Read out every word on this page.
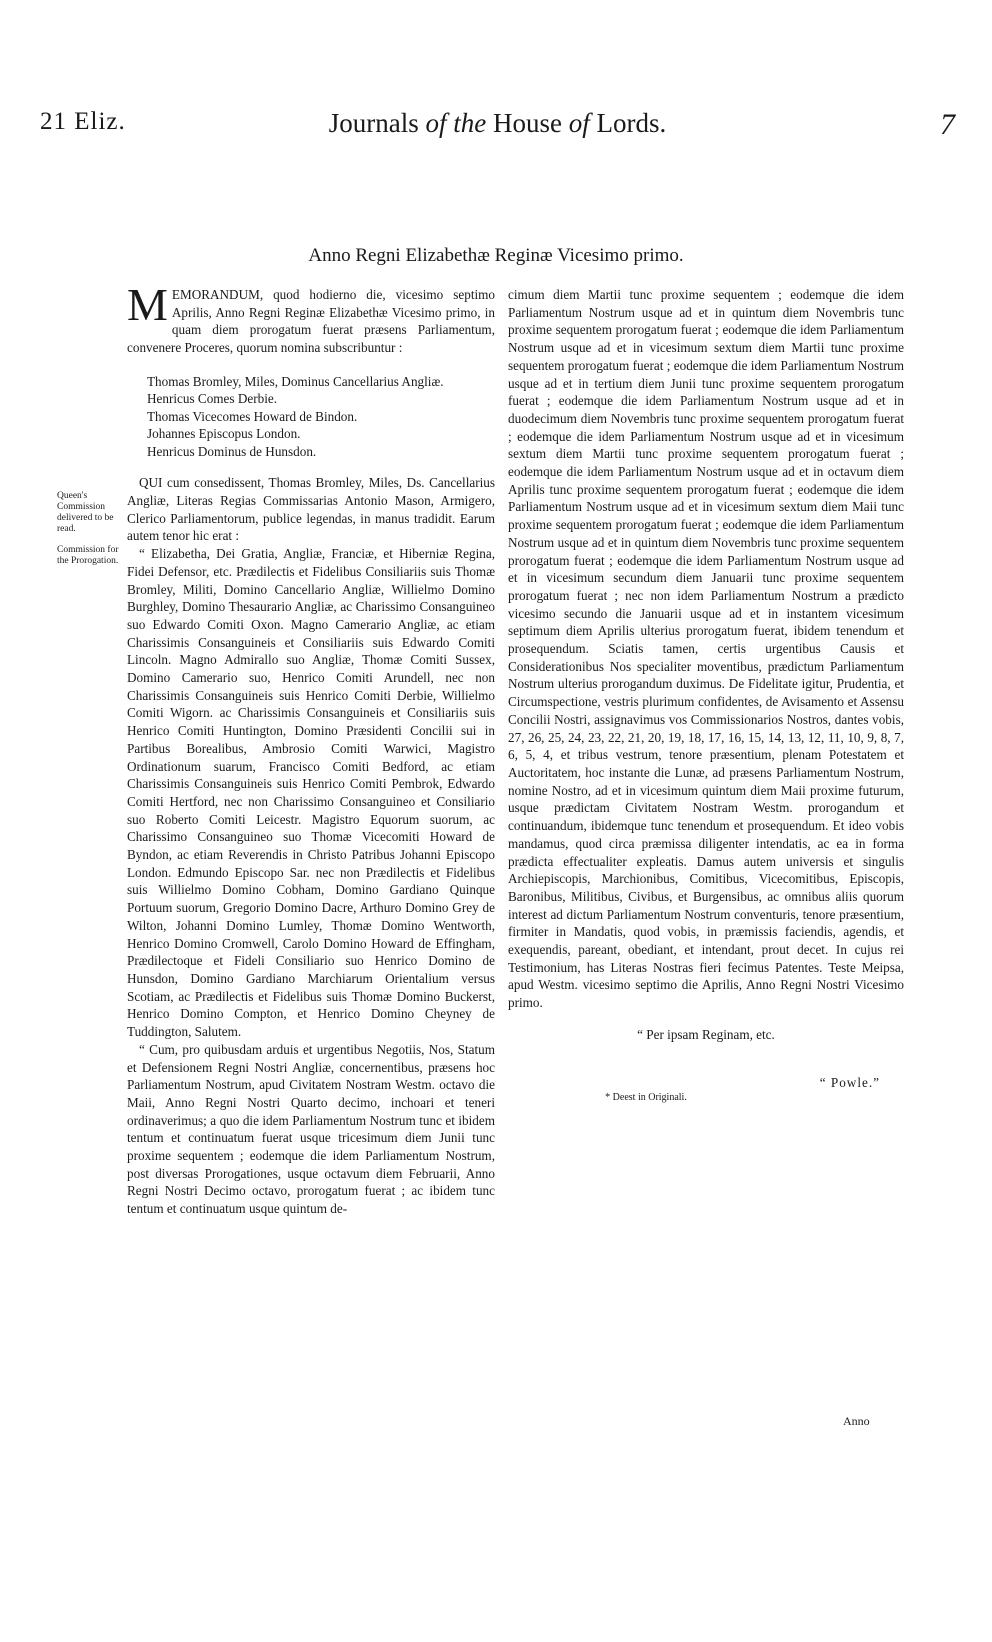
21 Eliz.	Journals of the House of Lords.	7
Anno Regni Elizabethæ Reginæ Vicesimo primo.
Queen's Commission delivered to be read.
Commission for the Prorogation.

MEMORANDUM, quod hodierno die, vicesimo septimo Aprilis, Anno Regni Reginæ Elizabethæ Vicesimo primo, in quam diem prorogatum fuerat præsens Parliamentum, convenere Proceres, quorum nomina subscribuntur :

Thomas Bromley, Miles, Dominus Cancellarius Angliæ.
Henricus Comes Derbie.
Thomas Vicecomes Howard de Bindon.
Johannes Episcopus London.
Henricus Dominus de Hunsdon.

QUI cum consedissent, Thomas Bromley, Miles, Ds. Cancellarius Angliæ, Literas Regias Commissarias Antonio Mason, Armigero, Clerico Parliamentorum, publice legendas, in manus tradidit. Earum autem tenor hic erat :

“ Elizabetha, Dei Gratia, Angliæ, Franciæ, et Hiberniæ Regina, Fidei Defensor, etc. Prædilectis et Fidelibus Consiliariis suis Thomæ Bromley, Militi, Domino Cancellario Angliæ, Willielmo Domino Burghley, Domino Thesaurario Angliæ, ac Charissimo Consanguineo suo Edwardo Comiti Oxon. Magno Camerario Angliæ, ac etiam Charissimis Consanguineis et Consiliariis suis Edwardo Comiti Lincoln. Magno Admirallo suo Angliæ, Thomæ Comiti Sussex, Domino Camerario suo, Henrico Comiti Arundell, nec non Charissimis Consanguineis suis Henrico Comiti Derbie, Willielmo Comiti Wigorn. ac Charissimis Consanguineis et Consiliariis suis Henrico Comiti Huntington, Domino Præsidenti Concilii sui in Partibus Borealibus, Ambrosio Comiti Warwici, Magistro Ordinationum suarum, Francisco Comiti Bedford, ac etiam Charissimis Consanguineis suis Henrico Comiti Pembrok, Edwardo Comiti Hertford, nec non Charissimo Consanguineo et Consiliario suo Roberto Comiti Leicestr. Magistro Equorum suorum, ac Charissimo Consanguineo suo Thomæ Vicecomiti Howard de Byndon, ac etiam Reverendis in Christo Patribus Johanni Episcopo London. Edmundo Episcopo Sar. nec non Prædilectis et Fidelibus suis Willielmo Domino Cobham, Domino Gardiano Quinque Portuum suorum, Gregorio Domino Dacre, Arthuro Domino Grey de Wilton, Johanni Domino Lumley, Thomæ Domino Wentworth, Henrico Domino Cromwell, Carolo Domino Howard de Effingham, Prædilectoque et Fideli Consiliario suo Henrico Domino de Hunsdon, Domino Gardiano Marchiarum Orientalium versus Scotiam, ac Prædilectis et Fidelibus suis Thomæ Domino Buckerst, Henrico Domino Compton, et Henrico Domino Cheyney de Tuddington, Salutem.

“ Cum, pro quibusdam arduis et urgentibus Negotiis, Nos, Statum et Defensionem Regni Nostri Angliæ, concernentibus, præsens hoc Parliamentum Nostrum, apud Civitatem Nostram Westm. octavo die Maii, Anno Regni Nostri Quarto decimo, inchoari et teneri ordinaverimus; a quo die idem Parliamentum Nostrum tunc et ibidem tentum et continuatum fuerat usque tricesimum diem Junii tunc proxime sequentem ; eodemque die idem Parliamentum Nostrum, post diversas Prorogationes, usque octavum diem Februarii, Anno Regni Nostri Decimo octavo, prorogatum fuerat ; ac ibidem tunc tentum et continuatum usque quintum de-

cimum diem Martii tunc proxime sequentem ; eodemque die idem Parliamentum Nostrum usque ad et in quintum diem Novembris tunc proxime sequentem prorogatum fuerat ; eodemque die idem Parliamentum Nostrum usque ad et in vicesimum sextum diem Martii tunc proxime sequentem prorogatum fuerat ; eodemque die idem Parliamentum Nostrum usque ad et in tertium diem Junii tunc proxime sequentem prorogatum fuerat ; eodemque die idem Parliamentum Nostrum usque ad et in duodecimum diem Novembris tunc proxime sequentem prorogatum fuerat ; eodemque die idem Parliamentum Nostrum usque ad et in vicesimum sextum diem Martii tunc proxime sequentem prorogatum fuerat ; eodemque die idem Parliamentum Nostrum usque ad et in octavum diem Aprilis tunc proxime sequentem prorogatum fuerat ; eodemque die idem Parliamentum Nostrum usque ad et in vicesimum sextum diem Maii tunc proxime sequentem prorogatum fuerat ; eodemque die idem Parliamentum Nostrum usque ad et in quintum diem Novembris tunc proxime sequentem prorogatum fuerat ; eodemque die idem Parliamentum Nostrum usque ad et in vicesimum secundum diem Januarii tunc proxime sequentem prorogatum fuerat ; nec non idem Parliamentum Nostrum a prædicto vicesimo secundo die Januarii usque ad et in instantem vicesimum septimum diem Aprilis ulterius prorogatum fuerat, ibidem tenendum et prosequendum. Sciatis tamen, certis urgentibus Causis et Considerationibus Nos specialiter moventibus, prædictum Parliamentum Nostrum ulterius prorogandum duximus. De Fidelitate igitur, Prudentia, et Circumspectione, vestris plurimum confidentes, de Avisamento et Assensu Concilii Nostri, assignavimus vos Commissionarios Nostros, dantes vobis, 27, 26, 25, 24, 23, 22, 21, 20, 19, 18, 17, 16, 15, 14, 13, 12, 11, 10, 9, 8, 7, 6, 5, 4, et tribus vestrum, tenore præsentium, plenam Potestatem et Auctoritatem, hoc instante die Lunæ, ad præsens Parliamentum Nostrum, nomine Nostro, ad et in vicesimum quintum diem Maii proxime futurum, usque prædictam Civitatem Nostram Westm. prorogandum et continuandum, ibidemque tunc tenendum et prosequendum. Et ideo vobis mandamus, quod circa præmissa diligenter intendatis, ac ea in forma prædicta effectualiter expleatis. Damus autem universis et singulis Archiepiscopis, Marchionibus, Comitibus, Vicecomitibus, Episcopis, Baronibus, Militibus, Civibus, et Burgensibus, ac omnibus aliis quorum interest ad dictum Parliamentum Nostrum conventuris, tenore præsentium, firmiter in Mandatis, quod vobis, in præmissis faciendis, agendis, et exequendis, pareant, obediant, et intendant, prout decet. In cujus rei Testimonium, has Literas Nostras fieri fecimus Patentes. Teste Meipsa, apud Westm. vicesimo septimo die Aprilis, Anno Regni Nostri Vicesimo primo.

“ Per ipsam Reginam, etc.
“ Powle.”
* Deest in Originali.
Anno
